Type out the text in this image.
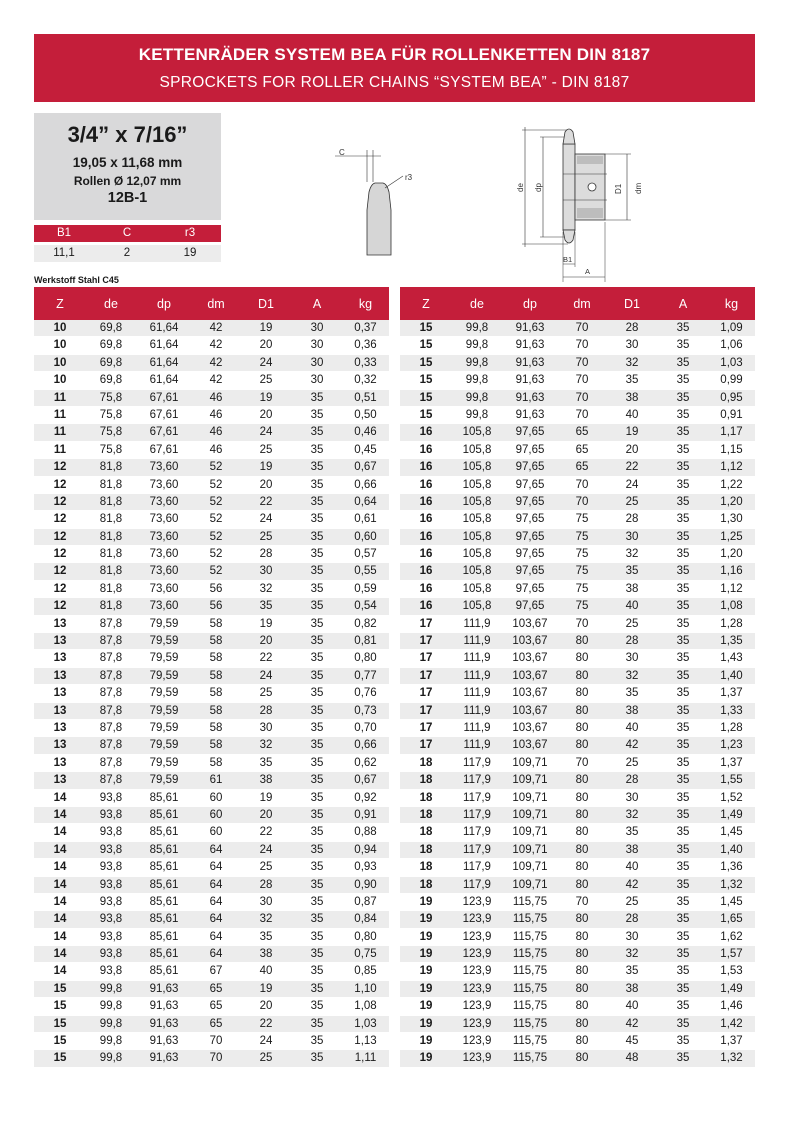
KETTENRÄDER SYSTEM BEA FÜR ROLLENKETTEN DIN 8187
SPROCKETS FOR ROLLER CHAINS “SYSTEM BEA” - DIN 8187
3/4” x 7/16”
19,05 x 11,68 mm
Rollen Ø 12,07 mm
12B-1
B1	C	r3
11,1	2	19
C
r3
de dp	D1 dm
B1
A
Werkstoff Stahl C45
Z	de	dp	dm	D1	A	kg
10	69,8	61,64	42	19	30	0,37
10	69,8	61,64	42	20	30	0,36
10	69,8	61,64	42	24	30	0,33
10	69,8	61,64	42	25	30	0,32
11	75,8	67,61	46	19	35	0,51
11	75,8	67,61	46	20	35	0,50
11	75,8	67,61	46	24	35	0,46
11	75,8	67,61	46	25	35	0,45
12	81,8	73,60	52	19	35	0,67
12	81,8	73,60	52	20	35	0,66
12	81,8	73,60	52	22	35	0,64
12	81,8	73,60	52	24	35	0,61
12	81,8	73,60	52	25	35	0,60
12	81,8	73,60	52	28	35	0,57
12	81,8	73,60	52	30	35	0,55
12	81,8	73,60	56	32	35	0,59
12	81,8	73,60	56	35	35	0,54
13	87,8	79,59	58	19	35	0,82
13	87,8	79,59	58	20	35	0,81
13	87,8	79,59	58	22	35	0,80
13	87,8	79,59	58	24	35	0,77
13	87,8	79,59	58	25	35	0,76
13	87,8	79,59	58	28	35	0,73
13	87,8	79,59	58	30	35	0,70
13	87,8	79,59	58	32	35	0,66
13	87,8	79,59	58	35	35	0,62
13	87,8	79,59	61	38	35	0,67
14	93,8	85,61	60	19	35	0,92
14	93,8	85,61	60	20	35	0,91
14	93,8	85,61	60	22	35	0,88
14	93,8	85,61	64	24	35	0,94
14	93,8	85,61	64	25	35	0,93
14	93,8	85,61	64	28	35	0,90
14	93,8	85,61	64	30	35	0,87
14	93,8	85,61	64	32	35	0,84
14	93,8	85,61	64	35	35	0,80
14	93,8	85,61	64	38	35	0,75
14	93,8	85,61	67	40	35	0,85
15	99,8	91,63	65	19	35	1,10
15	99,8	91,63	65	20	35	1,08
15	99,8	91,63	65	22	35	1,03
15	99,8	91,63	70	24	35	1,13
15	99,8	91,63	70	25	35	1,11
Z	de	dp	dm	D1	A	kg
15	99,8	91,63	70	28	35	1,09
15	99,8	91,63	70	30	35	1,06
15	99,8	91,63	70	32	35	1,03
15	99,8	91,63	70	35	35	0,99
15	99,8	91,63	70	38	35	0,95
15	99,8	91,63	70	40	35	0,91
16	105,8	97,65	65	19	35	1,17
16	105,8	97,65	65	20	35	1,15
16	105,8	97,65	65	22	35	1,12
16	105,8	97,65	70	24	35	1,22
16	105,8	97,65	70	25	35	1,20
16	105,8	97,65	75	28	35	1,30
16	105,8	97,65	75	30	35	1,25
16	105,8	97,65	75	32	35	1,20
16	105,8	97,65	75	35	35	1,16
16	105,8	97,65	75	38	35	1,12
16	105,8	97,65	75	40	35	1,08
17	111,9	103,67	70	25	35	1,28
17	111,9	103,67	80	28	35	1,35
17	111,9	103,67	80	30	35	1,43
17	111,9	103,67	80	32	35	1,40
17	111,9	103,67	80	35	35	1,37
17	111,9	103,67	80	38	35	1,33
17	111,9	103,67	80	40	35	1,28
17	111,9	103,67	80	42	35	1,23
18	117,9	109,71	70	25	35	1,37
18	117,9	109,71	80	28	35	1,55
18	117,9	109,71	80	30	35	1,52
18	117,9	109,71	80	32	35	1,49
18	117,9	109,71	80	35	35	1,45
18	117,9	109,71	80	38	35	1,40
18	117,9	109,71	80	40	35	1,36
18	117,9	109,71	80	42	35	1,32
19	123,9	115,75	70	25	35	1,45
19	123,9	115,75	80	28	35	1,65
19	123,9	115,75	80	30	35	1,62
19	123,9	115,75	80	32	35	1,57
19	123,9	115,75	80	35	35	1,53
19	123,9	115,75	80	38	35	1,49
19	123,9	115,75	80	40	35	1,46
19	123,9	115,75	80	42	35	1,42
19	123,9	115,75	80	45	35	1,37
19	123,9	115,75	80	48	35	1,32
